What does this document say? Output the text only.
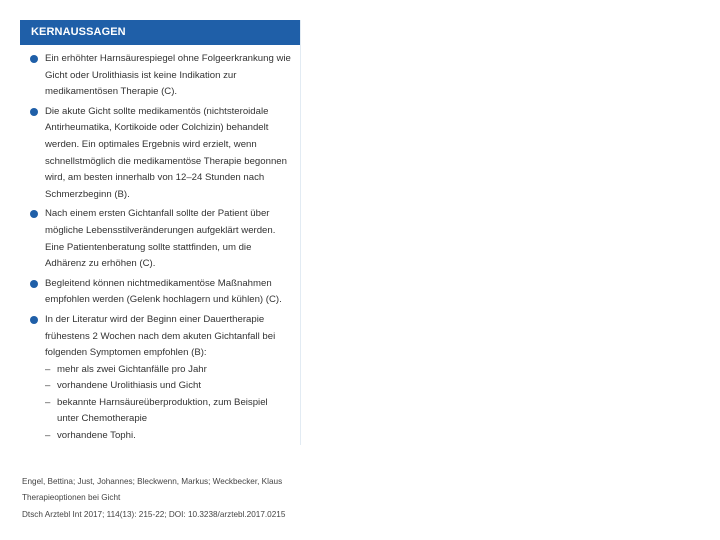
KERNAUSSAGEN
Ein erhöhter Harnsäurespiegel ohne Folgeerkrankung wie Gicht oder Urolithiasis ist keine Indikation zur medikamentösen Therapie (C).
Die akute Gicht sollte medikamentös (nichtsteroidale Antirheumatika, Kortikoide oder Colchizin) behandelt werden. Ein optimales Ergebnis wird erzielt, wenn schnellstmöglich die medikamentöse Therapie begonnen wird, am besten innerhalb von 12–24 Stunden nach Schmerzbeginn (B).
Nach einem ersten Gichtanfall sollte der Patient über mögliche Lebensstilveränderungen aufgeklärt werden. Eine Patientenberatung sollte stattfinden, um die Adhärenz zu erhöhen (C).
Begleitend können nichtmedikamentöse Maßnahmen empfohlen werden (Gelenk hochlagern und kühlen) (C).
In der Literatur wird der Beginn einer Dauertherapie frühestens 2 Wochen nach dem akuten Gichtanfall bei folgenden Symptomen empfohlen (B):
– mehr als zwei Gichtanfälle pro Jahr
– vorhandene Urolithiasis und Gicht
– bekannte Harnsäureüberproduktion, zum Beispiel unter Chemotherapie
– vorhandene Tophi.
Engel, Bettina; Just, Johannes; Bleckwenn, Markus; Weckbecker, Klaus
Therapieoptionen bei Gicht
Dtsch Arztebl Int 2017; 114(13): 215-22; DOI: 10.3238/arztebl.2017.0215
